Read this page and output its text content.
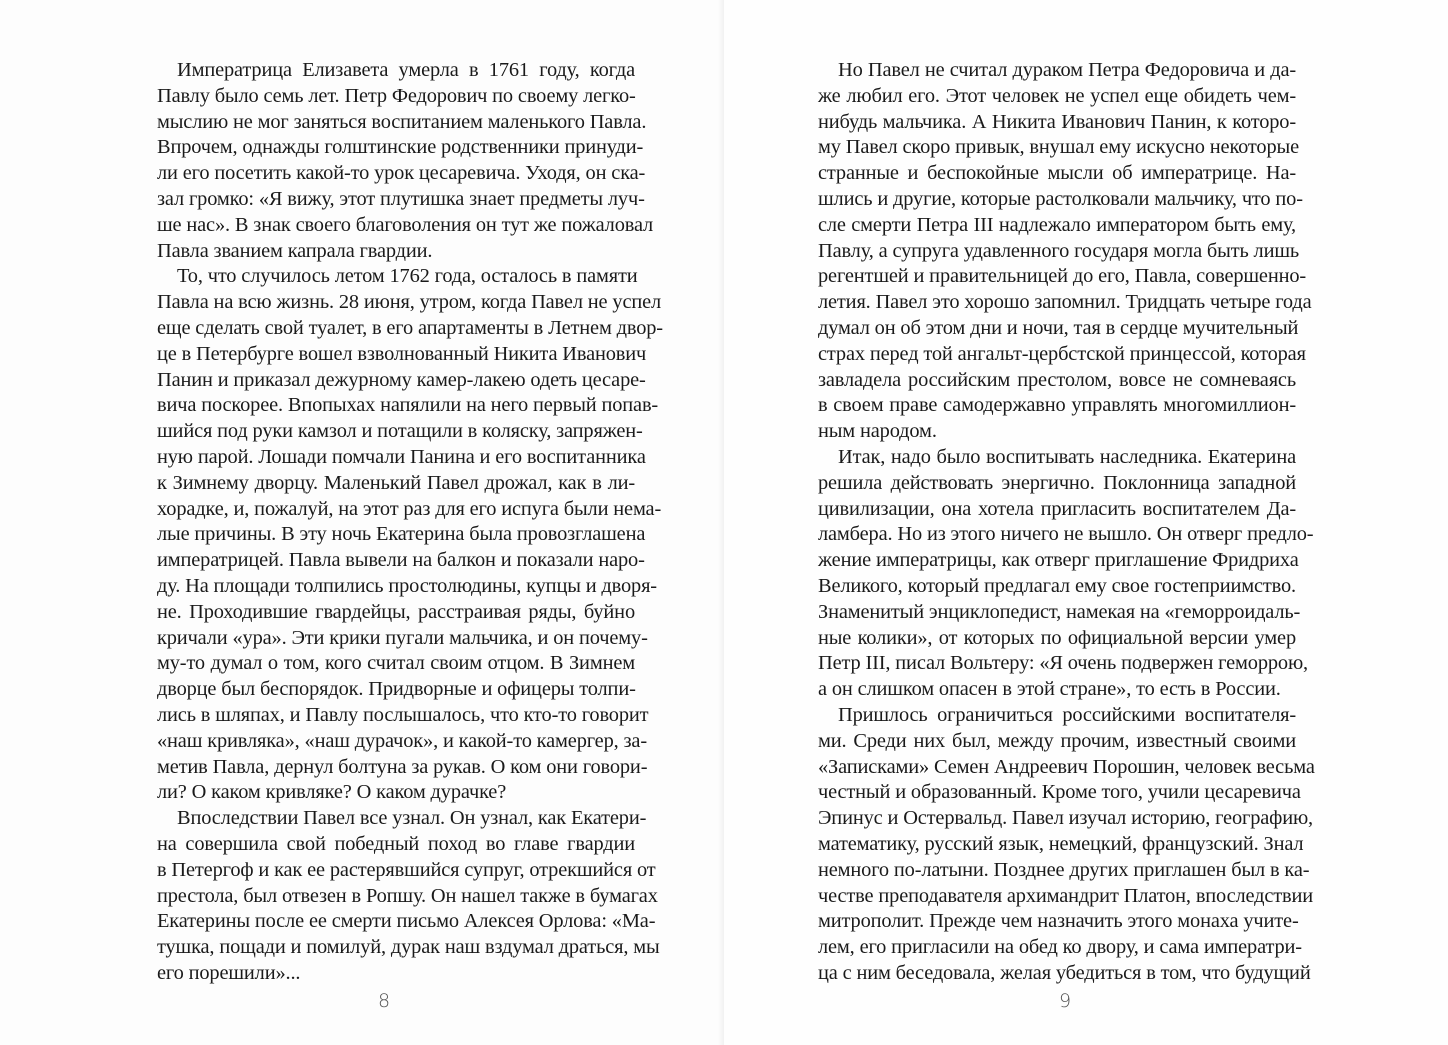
Императрица Елизавета умерла в 1761 году, когда
Павлу было семь лет. Петр Федорович по своему легко-
мыслию не мог заняться воспитанием маленького Павла.
Впрочем, однажды голштинские родственники принуди-
ли его посетить какой-то урок цесаревича. Уходя, он ска-
зал громко: «Я вижу, этот плутишка знает предметы луч-
ше нас». В знак своего благоволения он тут же пожаловал
Павла званием капрала гвардии.
То, что случилось летом 1762 года, осталось в памяти
Павла на всю жизнь. 28 июня, утром, когда Павел не успел
еще сделать свой туалет, в его апартаменты в Летнем двор-
це в Петербурге вошел взволнованный Никита Иванович
Панин и приказал дежурному камер-лакею одеть цесаре-
вича поскорее. Впопыхах напялили на него первый попав-
шийся под руки камзол и потащили в коляску, запряжен-
ную парой. Лошади помчали Панина и его воспитанника
к Зимнему дворцу. Маленький Павел дрожал, как в ли-
хорадке, и, пожалуй, на этот раз для его испуга были нема-
лые причины. В эту ночь Екатерина была провозглашена
императрицей. Павла вывели на балкон и показали наро-
ду. На площади толпились простолюдины, купцы и дворя-
не. Проходившие гвардейцы, расстраивая ряды, буйно
кричали «ура». Эти крики пугали мальчика, и он почему-
му-то думал о том, кого считал своим отцом. В Зимнем
дворце был беспорядок. Придворные и офицеры толпи-
лись в шляпах, и Павлу послышалось, что кто-то говорит
«наш кривляка», «наш дурачок», и какой-то камергер, за-
метив Павла, дернул болтуна за рукав. О ком они говори-
ли? О каком кривляке? О каком дурачке?
Впоследствии Павел все узнал. Он узнал, как Екатери-
на совершила свой победный поход во главе гвардии
в Петергоф и как ее растерявшийся супруг, отрекшийся от
престола, был отвезен в Ропшу. Он нашел также в бумагах
Екатерины после ее смерти письмо Алексея Орлова: «Ма-
тушка, пощади и помилуй, дурак наш вздумал драться, мы
его порешили»...
8
Но Павел не считал дураком Петра Федоровича и да-
же любил его. Этот человек не успел еще обидеть чем-
нибудь мальчика. А Никита Иванович Панин, к которо-
му Павел скоро привык, внушал ему искусно некоторые
странные и беспокойные мысли об императрице. На-
шлись и другие, которые растолковали мальчику, что по-
сле смерти Петра III надлежало императором быть ему,
Павлу, а супруга удавленного государя могла быть лишь
регентшей и правительницей до его, Павла, совершенно-
летия. Павел это хорошо запомнил. Тридцать четыре года
думал он об этом дни и ночи, тая в сердце мучительный
страх перед той ангальт-цербстской принцессой, которая
завладела российским престолом, вовсе не сомневаясь
в своем праве самодержавно управлять многомиллион-
ным народом.
Итак, надо было воспитывать наследника. Екатерина
решила действовать энергично. Поклонница западной
цивилизации, она хотела пригласить воспитателем Да-
ламбера. Но из этого ничего не вышло. Он отверг предло-
жение императрицы, как отверг приглашение Фридриха
Великого, который предлагал ему свое гостеприимство.
Знаменитый энциклопедист, намекая на «геморроидаль-
ные колики», от которых по официальной версии умер
Петр III, писал Вольтеру: «Я очень подвержен геморрою,
а он слишком опасен в этой стране», то есть в России.
Пришлось ограничиться российскими воспитателя-
ми. Среди них был, между прочим, известный своими
«Записками» Семен Андреевич Порошин, человек весьма
честный и образованный. Кроме того, учили цесаревича
Эпинус и Остервальд. Павел изучал историю, географию,
математику, русский язык, немецкий, французский. Знал
немного по-латыни. Позднее других приглашен был в ка-
честве преподавателя архимандрит Платон, впоследствии
митрополит. Прежде чем назначить этого монаха учите-
лем, его пригласили на обед ко двору, и сама императри-
ца с ним беседовала, желая убедиться в том, что будущий
9
